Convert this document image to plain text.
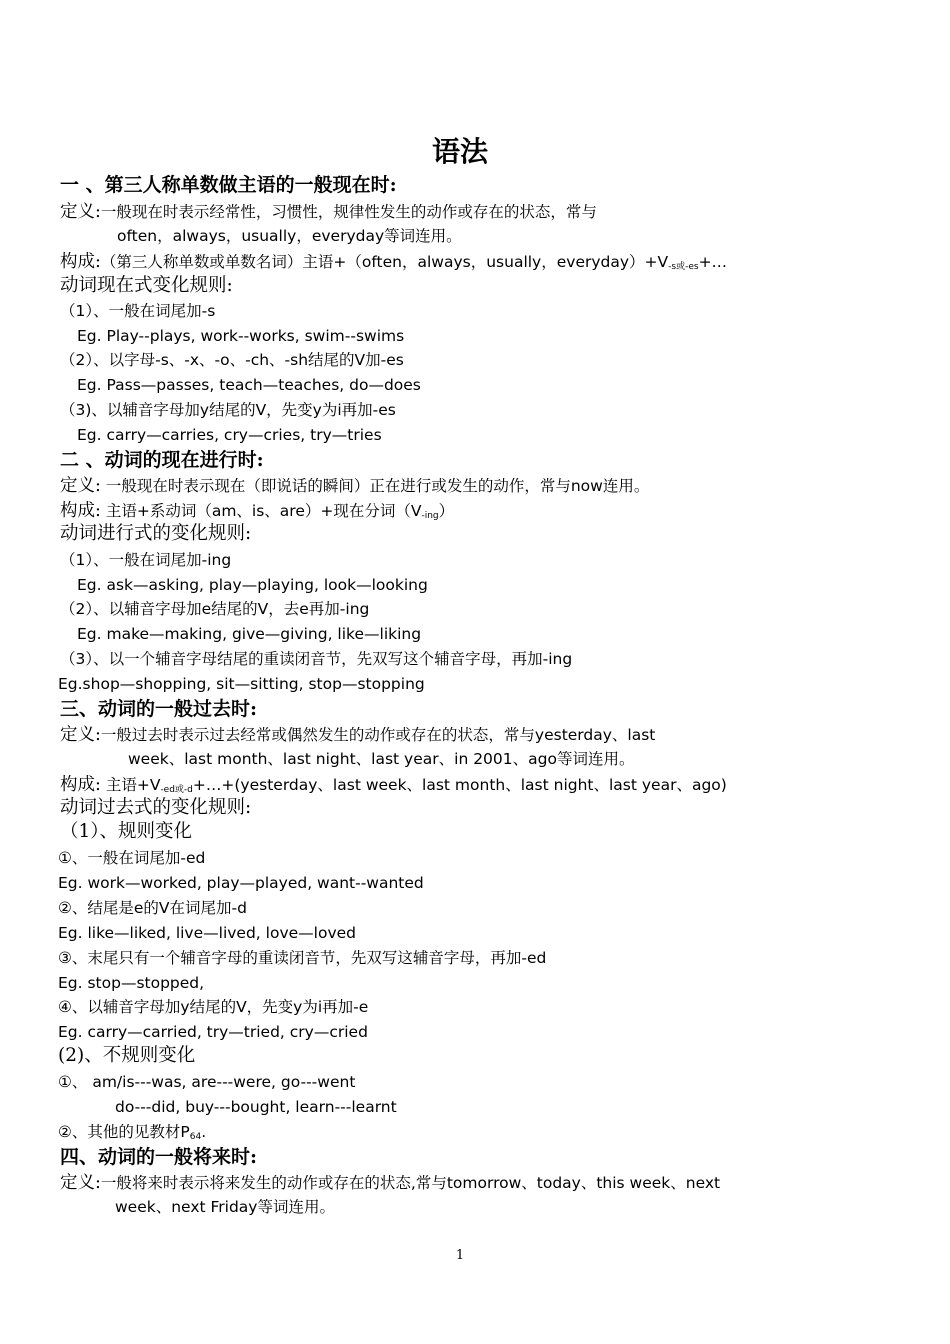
语法
一 、第三人称单数做主语的一般现在时:
定义:一般现在时表示经常性，习惯性，规律性发生的动作或存在的状态，常与
often，always，usually，everyday等词连用。
构成:（第三人称单数或单数名词）主语+（often，always，usually，$everyday)+V_{-s或-es}+\dots$
动词现在式变化规则:
（1）、一般在词尾加-s
Eg. Play--plays, work--works, swim--swims
（2）、以字母-s、-x、-o、-ch、-sh结尾的V加-es
Eg. Pass—passes, teach—teaches, do—does
（3)、以辅音字母加y结尾的V，先变y为i再加-es
Eg. carry—carries, cry—cries, try—tries
二 、动词的现在进行时:
定义: 一般现在时表示现在（即说话的瞬间）正在进行或发生的动作，常与now连用。
构成: 主语+系动词（am、is、are）+现在分词$(V_{-ing})$
动词进行式的变化规则:
（1）、一般在词尾加-ing
Eg. ask—asking, play—playing, look—looking
（2）、以辅音字母加e结尾的V，去e再加-ing
Eg. make—making, give—giving, like—liking
（3）、以一个辅音字母结尾的重读闭音节，先双写这个辅音字母，再加-ing
Eg.shop—shopping, sit—sitting, stop—stopping
三、动词的一般过去时:
定义:一般过去时表示过去经常或偶然发生的动作或存在的状态，常与yesterday、last
week、last month、last night、last year、in 2001、ago等词连用。
构成: 主语$+V_{-ed或-d}+\dots+(yesterday$、last week、last month、last night、last year、ago)
动词过去式的变化规则:
（1）、规则变化
①、一般在词尾加-ed
Eg. work—worked, play—played, want--wanted
②、结尾是e的V在词尾加-d
Eg. like—liked, live—lived, love—loved
③、末尾只有一个辅音字母的重读闭音节，先双写这辅音字母，再加-ed
Eg. stop—stopped,
④、以辅音字母加y结尾的V，先变y为i再加-e
Eg. carry—carried, try—tried, cry—cried
(2)、不规则变化
①、 am/is---was, are---were, go---went
do---did, buy---bought, learn---learnt
②、其他的见教材$P_{64}$.
四、动词的一般将来时:
定义:一般将来时表示将来发生的动作或存在的状态,常与tomorrow、today、this week、next
week、next Friday等词连用。
1
